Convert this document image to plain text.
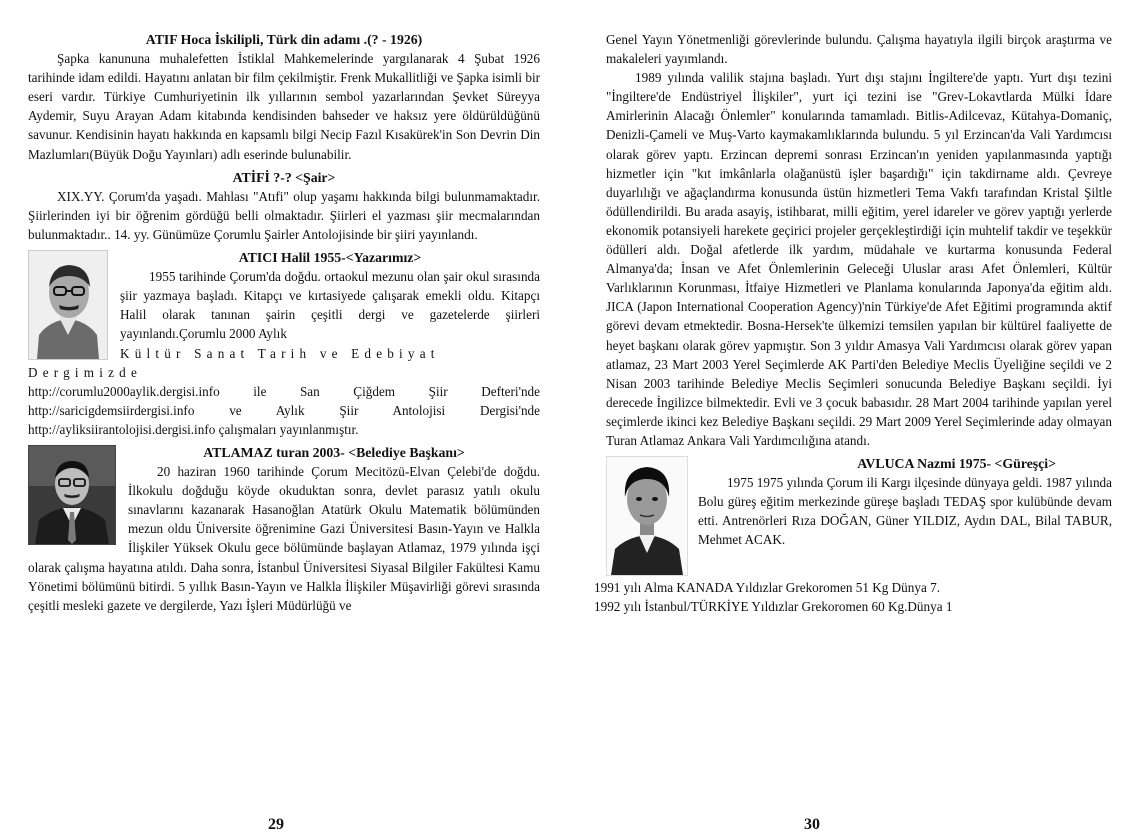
ATIF Hoca İskilipli, Türk din adamı .(? - 1926)

Şapka kanununa muhalefetten İstiklal Mahkemelerinde yargılanarak 4 Şubat 1926 tarihinde idam edildi. Hayatını anlatan bir film çekilmiştir. Frenk Mukallitliği ve Şapka isimli bir eseri vardır. Türkiye Cumhuriyetinin ilk yıllarının sembol yazarlarından Şevket Süreyya Aydemir, Suyu Arayan Adam kitabında kendisinden bahseder ve haksız yere öldürüldüğünü savunur. Kendisinin hayatı hakkında en kapsamlı bilgi Necip Fazıl Kısakürek'in Son Devrin Din Mazlumları(Büyük Doğu Yayınları) adlı eserinde bulunabilir.

ATİFİ ?-? <Şair>

XIX.YY. Çorum'da yaşadı. Mahlası "Atıfi" olup yaşamı hakkında bilgi bulunmamaktadır. Şiirlerinden iyi bir öğrenim gördüğü belli olmaktadır. Şiirleri el yazması şiir mecmalarından bulunmaktadır.. 14. yy. Günümüze Çorumlu Şairler Antolojisinde bir şiiri yayınlandı.

ATICI Halil 1955-<Yazarımız>

1955 tarihinde Çorum'da doğdu. ortaokul mezunu olan şair okul sırasında şiir yazmaya başladı. Kitapçı ve kırtasiyede çalışarak emekli oldu. Kitapçı Halil olarak tanınan şairin çeşitli dergi ve gazetelerde şiirleri yayınlandı.Çorumlu 2000 Aylık

Kültür Sanat Tarih ve Edebiyat Dergimizde

http://corumlu2000aylik.dergisi.info ile San Çiğdem Şiir Defteri'nde http://saricigdemsiirdergisi.info ve Aylık Şiir Antolojisi Dergisi'nde http://ayliksiirantolojisi.dergisi.info çalışmaları yayınlanmıştır.

ATLAMAZ turan 2003- <Belediye Başkanı>

20 haziran 1960 tarihinde Çorum Mecitözü-Elvan Çelebi'de doğdu. İlkokulu doğduğu köyde okuduktan sonra, devlet parasız yatılı okulu sınavlarını kazanarak Hasanoğlan Atatürk Okulu Matematik bölümünden mezun oldu Üniversite öğrenimine Gazi Üniversitesi Basın-Yayın ve Halkla İlişkiler Yüksek Okulu gece bölümünde başlayan Atlamaz, 1979 yılında işçi olarak çalışma hayatına atıldı. Daha sonra, İstanbul Üniversitesi Siyasal Bilgiler Fakültesi Kamu Yönetimi bölümünü bitirdi. 5 yıllık Basın-Yayın ve Halkla İlişkiler Müşavirliği görevi sırasında çeşitli mesleki gazete ve dergilerde, Yazı İşleri Müdürlüğü ve

29

Genel Yayın Yönetmenliği görevlerinde bulundu. Çalışma hayatıyla ilgili birçok araştırma ve makaleleri yayımlandı.

1989 yılında valilik stajına başladı. Yurt dışı stajını İngiltere'de yaptı. Yurt dışı tezini "İngiltere'de Endüstriyel İlişkiler", yurt içi tezini ise "Grev-Lokavtlarda Mülki İdare Amirlerinin Alacağı Önlemler" konularında tamamladı. Bitlis-Adilcevaz, Kütahya-Domaniç, Denizli-Çameli ve Muş-Varto kaymakamlıklarında bulundu. 5 yıl Erzincan'da Vali Yardımcısı olarak görev yaptı. Erzincan depremi sonrası Erzincan'ın yeniden yapılanmasında yaptığı hizmetler için "kıt imkânlarla olağanüstü işler başardığı" için takdirname aldı. Çevreye duyarlılığı ve ağaçlandırma konusunda üstün hizmetleri Tema Vakfı tarafından Kristal Şiltle ödüllendirildi. Bu arada asayiş, istihbarat, milli eğitim, yerel idareler ve görev yaptığı yerlerde ekonomik potansiyeli harekete geçirici projeler gerçekleştirdiği için muhtelif takdir ve teşekkür ödülleri aldı. Doğal afetlerde ilk yardım, müdahale ve kurtarma konusunda Federal Almanya'da; İnsan ve Afet Önlemlerinin Geleceği Uluslar arası Afet Önlemleri, Kültür Varlıklarının Korunması, İtfaiye Hizmetleri ve Planlama konularında Japonya'da eğitim aldı. JICA (Japon International Cooperation Agency)'nin Türkiye'de Afet Eğitimi programında aktif görevi devam etmektedir. Bosna-Hersek'te ülkemizi temsilen yapılan bir kültürel faaliyette de heyet başkanı olarak görev yapmıştır. Son 3 yıldır Amasya Vali Yardımcısı olarak görev yapan atlamaz, 23 Mart 2003 Yerel Seçimlerde AK Parti'den Belediye Meclis Üyeliğine seçildi ve 2 Nisan 2003 tarihinde Belediye Meclis Seçimleri sonucunda Belediye Başkanı seçildi. İyi derecede İngilizce bilmektedir. Evli ve 3 çocuk babasıdır. 28 Mart 2004 tarihinde yapılan yerel seçimlerde ikinci kez Belediye Başkanı seçildi. 29 Mart 2009 Yerel Seçimlerinde aday olmayan Turan Atlamaz Ankara Vali Yardımcılığına atandı.

AVLUCA Nazmi 1975- <Güreşçi>

1975 1975 yılında Çorum ili Kargı ilçesinde dünyaya geldi. 1987 yılında Bolu güreş eğitim merkezinde güreşe başladı TEDAŞ spor kulübünde devam etti. Antrenörleri Rıza DOĞAN, Güner YILDIZ, Aydın DAL, Bilal TABUR, Mehmet ACAK.

1991 yılı Alma KANADA Yıldızlar Grekoromen 51 Kg Dünya 7.

1992 yılı İstanbul/TÜRKİYE Yıldızlar Grekoromen 60 Kg.Dünya 1

30
